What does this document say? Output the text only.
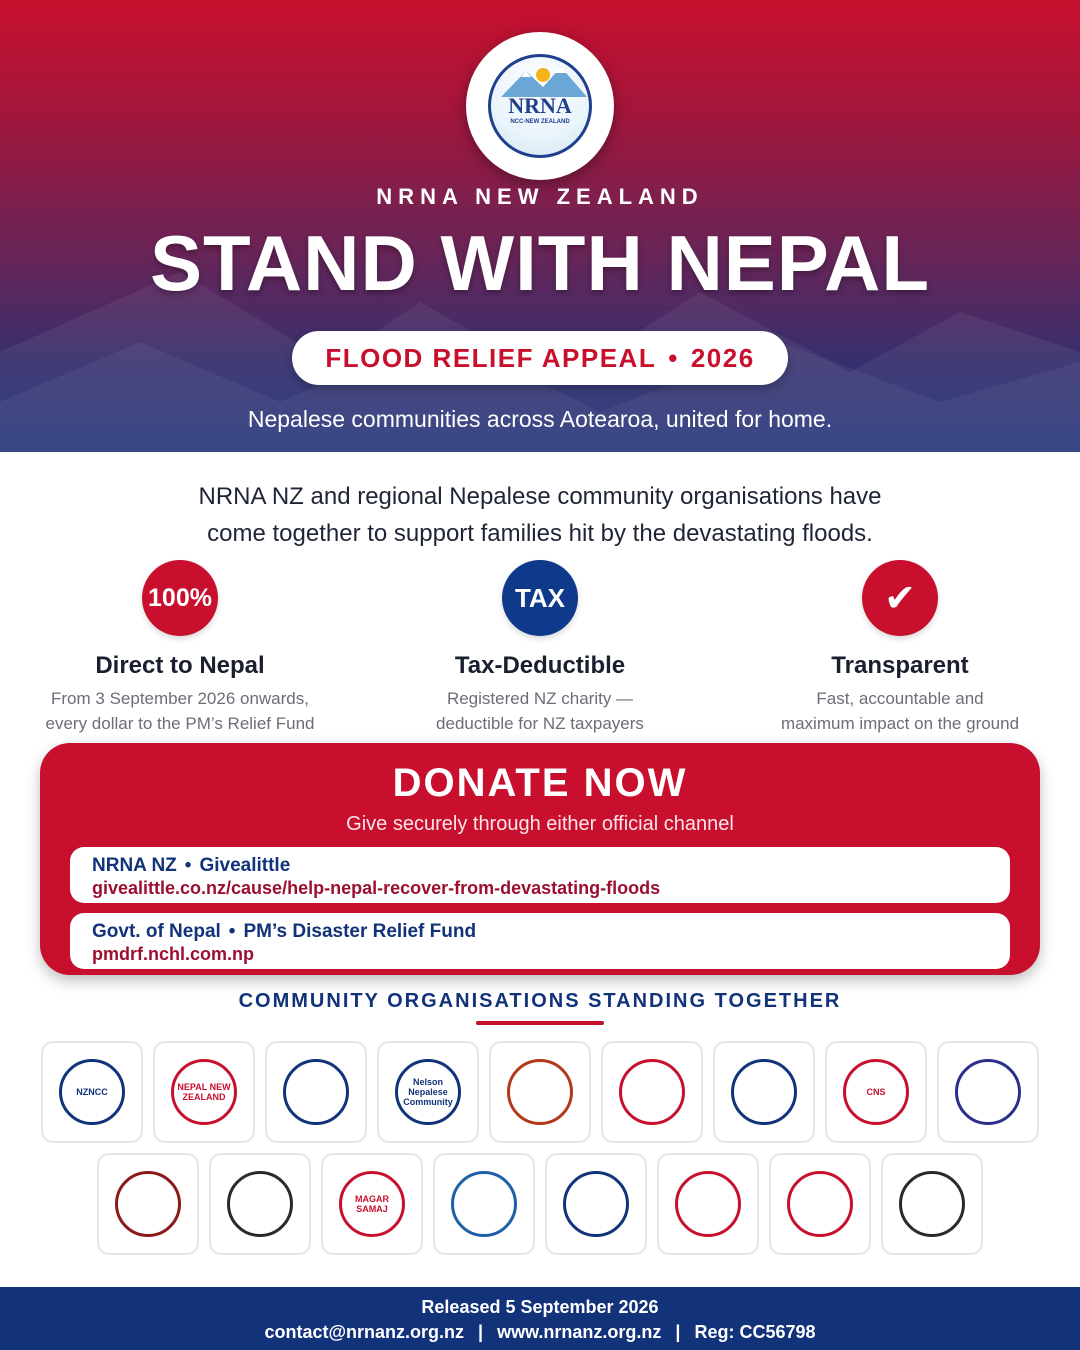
NRNA
NCC-NEW ZEALAND
NRNA NEW ZEALAND
STAND WITH NEPAL
FLOOD RELIEF APPEAL • 2026
Nepalese communities across Aotearoa, united for home.
NRNA NZ and regional Nepalese community organisations have
come together to support families hit by the devastating floods.
100%
Direct to Nepal
From 3 September 2026 onwards,
every dollar to the PM’s Relief Fund
TAX
Tax-Deductible
Registered NZ charity —
deductible for NZ taxpayers
✔
Transparent
Fast, accountable and
maximum impact on the ground
DONATE NOW
Give securely through either official channel
NRNA NZ • Givealittle
givealittle.co.nz/cause/help-nepal-recover-from-devastating-floods
Govt. of Nepal • PM’s Disaster Relief Fund
pmdrf.nchl.com.np
COMMUNITY ORGANISATIONS STANDING TOGETHER
NZNCC	NEPAL NEW ZEALAND
Nelson Nepalese Community
CNS
MAGAR SAMAJ
Released 5 September 2026
contact@nrnanz.org.nz | www.nrnanz.org.nz | Reg: CC56798
